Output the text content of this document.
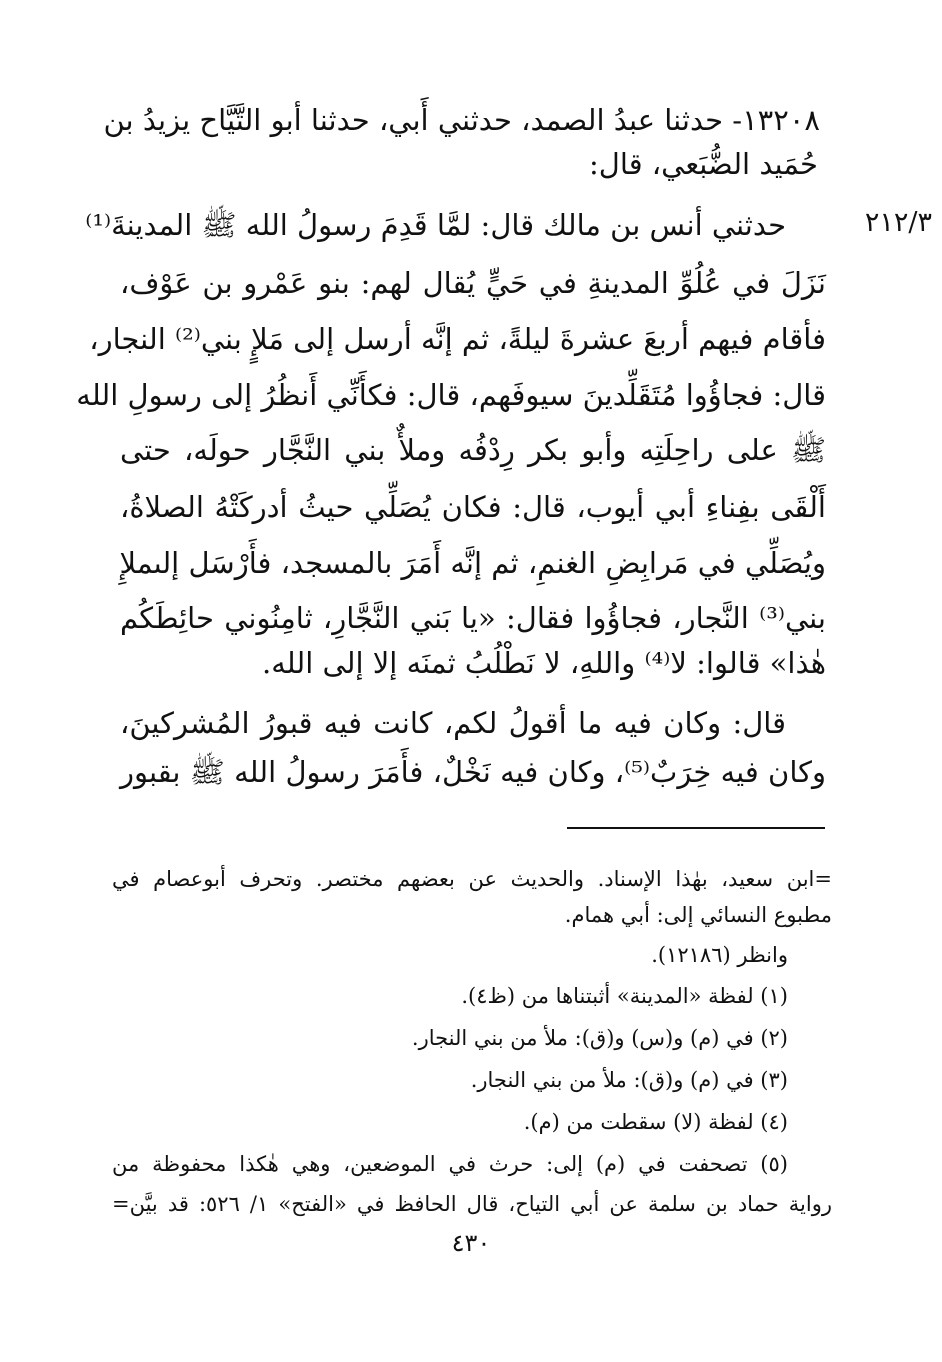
١٣٢٠٨- حدثنا عبدُ الصمد، حدثني أَبي، حدثنا أبو التَّيَّاح يزيدُ بن
حُمَيد الضُّبَعي، قال:
٢١٢/٣
حدثني أنس بن مالك قال: لمَّا قَدِمَ رسولُ الله ﷺ المدينةَ⁽¹⁾
نَزَلَ في عُلُوِّ المدينةِ في حَيٍّ يُقال لهم: بنو عَمْرو بن عَوْف،
فأقام فيهم أربعَ عشرةَ ليلةً، ثم إنَّه أرسل إلى مَلإٍ بني⁽²⁾ النجار،
قال: فجاؤُوا مُتَقَلِّدينَ سيوفَهم، قال: فكأَنِّي أَنظُرُ إلى رسولِ الله
ﷺ على راحِلَتِه وأبو بكر رِدْفُه وملأٌ بني النَّجَّار حولَه، حتى
أَلْقَى بفِناءِ أبي أيوب، قال: فكان يُصَلِّي حيثُ أدركَتْهُ الصلاةُ،
ويُصَلِّي في مَرابِضِ الغنمِ، ثم إنَّه أَمَرَ بالمسجد، فأَرْسَل إلىملإِ
بني⁽³⁾ النَّجار، فجاؤُوا فقال: «يا بَني النَّجَّارِ، ثامِنُوني حائِطَكُم
هٰذا» قالوا: لا⁽⁴⁾ واللهِ، لا نَطْلُبُ ثمنَه إلا إلى الله.
قال: وكان فيه ما أقولُ لكم، كانت فيه قبورُ المُشركينَ،
وكان فيه خِرَبٌ⁽⁵⁾، وكان فيه نَخْلٌ، فأَمَرَ رسولُ الله ﷺ بقبور
=ابن سعيد، بهٰذا الإسناد. والحديث عن بعضهم مختصر. وتحرف أبوعصام في
مطبوع النسائي إلى: أبي همام.
وانظر (١٢١٨٦).
(١) لفظة «المدينة» أثبتناها من (ظ٤).
(٢) في (م) و(س) و(ق): ملأ من بني النجار.
(٣) في (م) و(ق): ملأ من بني النجار.
(٤) لفظة (لا) سقطت من (م).
(٥) تصحفت في (م) إلى: حرث في الموضعين، وهي هٰكذا محفوظة من
رواية حماد بن سلمة عن أبي التياح، قال الحافظ في «الفتح» ١/ ٥٢٦: قد بيَّن=
٤٣٠
